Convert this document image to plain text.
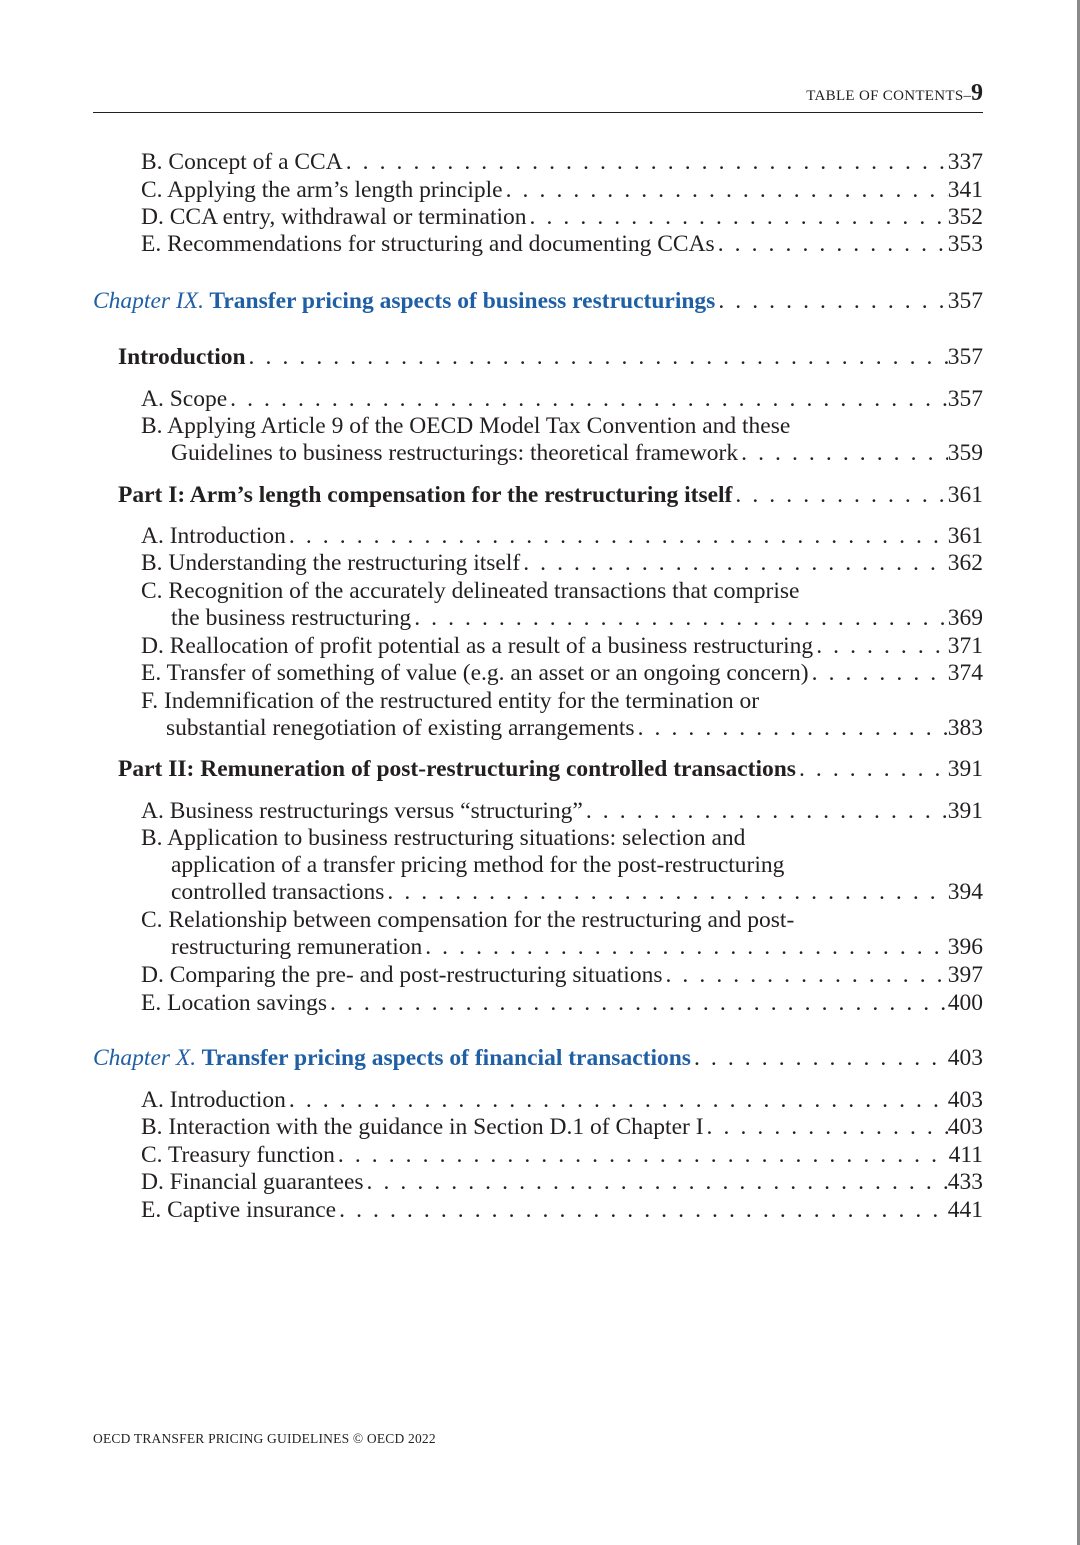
TABLE OF CONTENTS–9
B. Concept of a CCA . . .	337
C. Applying the arm’s length principle . . .	341
D. CCA entry, withdrawal or termination . . .	352
E. Recommendations for structuring and documenting CCAs . . .	353
Chapter IX. Transfer pricing aspects of business restructurings . . .	357
Introduction . . .	357
A. Scope . . .	357
B. Applying Article 9 of the OECD Model Tax Convention and these
Guidelines to business restructurings: theoretical framework . . .	359
Part I: Arm’s length compensation for the restructuring itself . . .	361
A. Introduction . . .	361
B. Understanding the restructuring itself . . .	362
C. Recognition of the accurately delineated transactions that comprise
the business restructuring . . .	369
D. Reallocation of profit potential as a result of a business restructuring . . .	371
E. Transfer of something of value (e.g. an asset or an ongoing concern) . . .	374
F. Indemnification of the restructured entity for the termination or
substantial renegotiation of existing arrangements . . .	383
Part II: Remuneration of post-restructuring controlled transactions . . .	391
A. Business restructurings versus “structuring” . . .	391
B. Application to business restructuring situations: selection and
application of a transfer pricing method for the post-restructuring
controlled transactions . . .	394
C. Relationship between compensation for the restructuring and post-
restructuring remuneration . . .	396
D. Comparing the pre- and post-restructuring situations . . .	397
E. Location savings . . .	400
Chapter X. Transfer pricing aspects of financial transactions . . .	403
A. Introduction . . .	403
B. Interaction with the guidance in Section D.1 of Chapter I . . .	403
C. Treasury function . . .	411
D. Financial guarantees . . .	433
E. Captive insurance . . .	441
OECD TRANSFER PRICING GUIDELINES © OECD 2022
